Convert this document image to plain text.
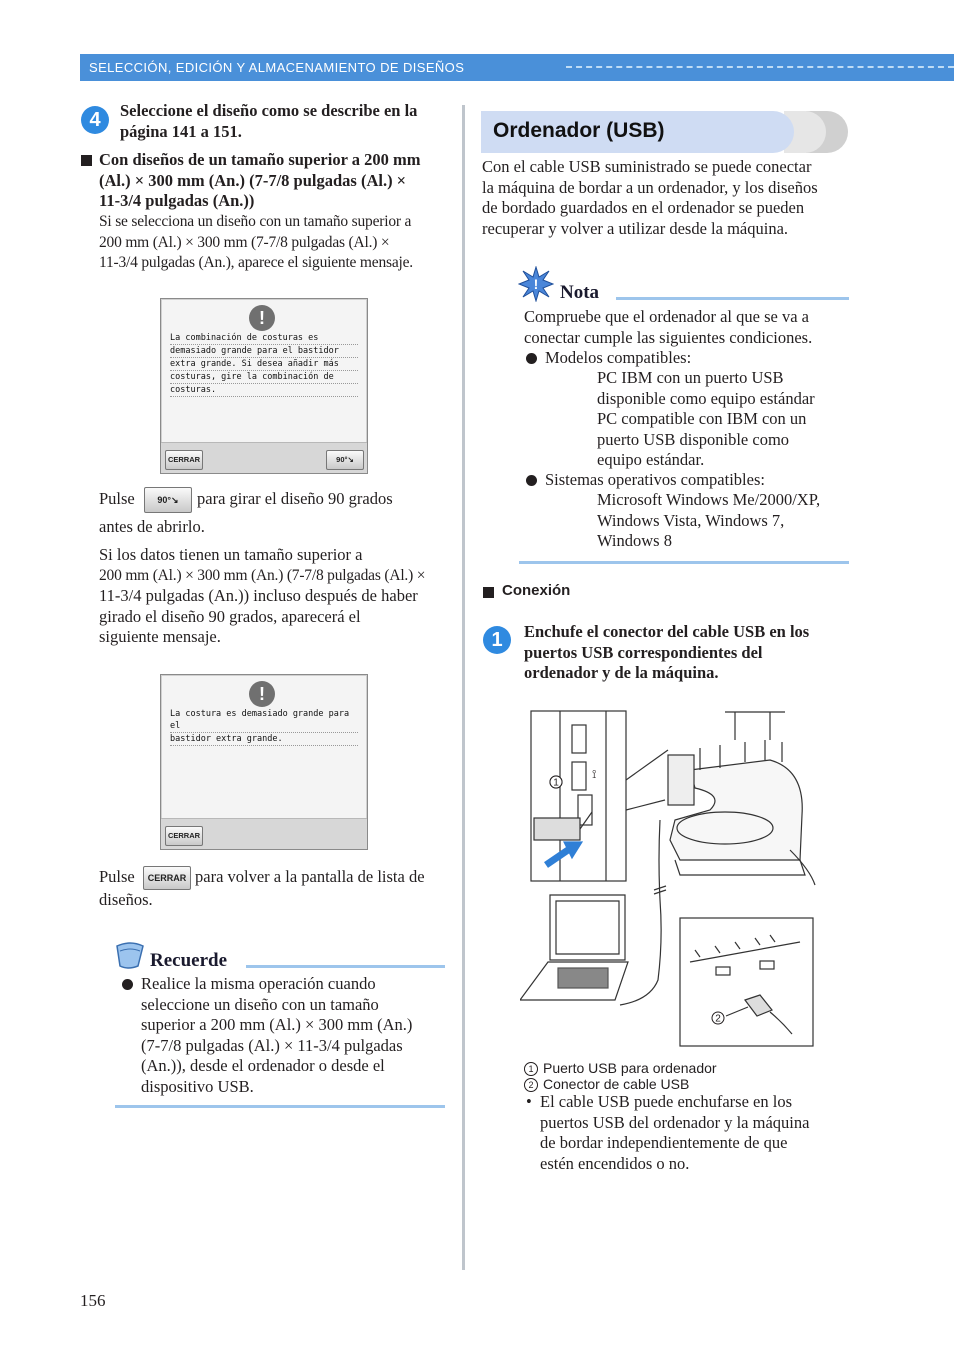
SELECCIÓN, EDICIÓN Y ALMACENAMIENTO DE DISEÑOS
4	Seleccione el diseño como se describe en la
página 141 a 151.
Con diseños de un tamaño superior a 200 mm
(Al.) × 300 mm (An.) (7-7/8 pulgadas (Al.) ×
11-3/4 pulgadas (An.))
Si se selecciona un diseño con un tamaño superior a
200 mm (Al.) × 300 mm (7-7/8 pulgadas (Al.) ×
11-3/4 pulgadas (An.), aparece el siguiente mensaje.
!
La combinación de costuras es
demasiado grande para el bastidor
extra grande. Si desea añadir más
costuras, gire la combinación de
costuras.
CERRAR	90°↘
Pulse	90°↘	para girar el diseño 90 grados
antes de abrirlo.
Si los datos tienen un tamaño superior a
200 mm (Al.) × 300 mm (An.) (7-7/8 pulgadas (Al.) ×
11-3/4 pulgadas (An.)) incluso después de haber
girado el diseño 90 grados, aparecerá el
siguiente mensaje.
!
La costura es demasiado grande para el
bastidor extra grande.
CERRAR
Pulse	CERRAR para volver a la pantalla de lista de
diseños.
Recuerde
Realice la misma operación cuando
seleccione un diseño con un tamaño
superior a 200 mm (Al.) × 300 mm (An.)
(7-7/8 pulgadas (Al.) × 11-3/4 pulgadas
(An.)), desde el ordenador o desde el
dispositivo USB.
Ordenador (USB)
Con el cable USB suministrado se puede conectar
la máquina de bordar a un ordenador, y los diseños
de bordado guardados en el ordenador se pueden
recuperar y volver a utilizar desde la máquina.
! Nota
Compruebe que el ordenador al que se va a
conectar cumple las siguientes condiciones.
Modelos compatibles:
PC IBM con un puerto USB
disponible como equipo estándar
PC compatible con IBM con un
puerto USB disponible como
equipo estándar.
Sistemas operativos compatibles:
Microsoft Windows Me/2000/XP,
Windows Vista, Windows 7,
Windows 8
Conexión
1	Enchufe el conector del cable USB en los
puertos USB correspondientes del
ordenador y de la máquina.
1
2
⟟
1 Puerto USB para ordenador
2 Conector de cable USB
• El cable USB puede enchufarse en los
puertos USB del ordenador y la máquina
de bordar independientemente de que
estén encendidos o no.
156
